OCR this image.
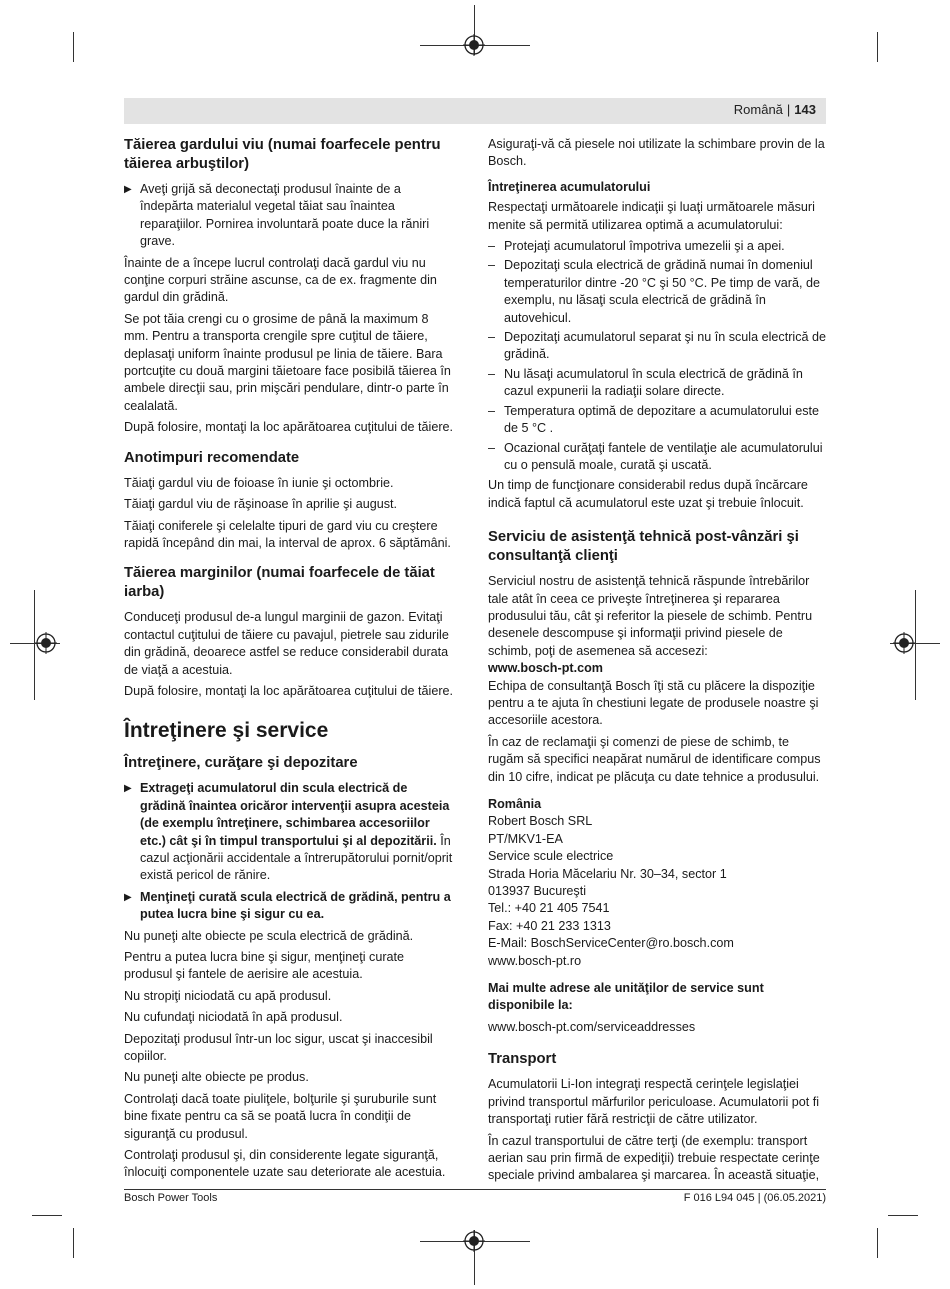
Română | 143
Tăierea gardului viu (numai foarfecele pentru tăierea arbuştilor)
▶ Aveţi grijă să deconectaţi produsul înainte de a îndepărta materialul vegetal tăiat sau înaintea reparaţiilor. Pornirea involuntară poate duce la răniri grave.

Înainte de a începe lucrul controlaţi dacă gardul viu nu conţine corpuri străine ascunse, ca de ex. fragmente din gardul din grădină.

Se pot tăia crengi cu o grosime de până la maximum 8 mm. Pentru a transporta crengile spre cuţitul de tăiere, deplasaţi uniform înainte produsul pe linia de tăiere. Bara portcuţite cu două margini tăietoare face posibilă tăierea în ambele direcţii sau, prin mişcări pendulare, dintr-o parte în cealalată.

După folosire, montaţi la loc apărătoarea cuţitului de tăiere.

Anotimpuri recomendate

Tăiaţi gardul viu de foioase în iunie şi octombrie.

Tăiaţi gardul viu de răşinoase în aprilie şi august.

Tăiaţi coniferele şi celelalte tipuri de gard viu cu creştere rapidă începând din mai, la interval de aprox. 6 săptămâni.

Tăierea marginilor (numai foarfecele de tăiat iarba)

Conduceţi produsul de-a lungul marginii de gazon. Evitaţi contactul cuţitului de tăiere cu pavajul, pietrele sau zidurile din grădină, deoarece astfel se reduce considerabil durata de viaţă a acestuia.

După folosire, montaţi la loc apărătoarea cuţitului de tăiere.

Întreţinere şi service
Întreţinere, curăţare şi depozitare
▶ Extrageţi acumulatorul din scula electrică de grădină înaintea oricăror intervenţii asupra acesteia (de exemplu întreţinere, schimbarea accesoriilor etc.) cât şi în timpul transportului şi al depozitării. În cazul acţionării accidentale a întrerupătorului pornit/oprit există pericol de rănire.
▶ Menţineţi curată scula electrică de grădină, pentru a putea lucra bine şi sigur cu ea.

Nu puneţi alte obiecte pe scula electrică de grădină.

Pentru a putea lucra bine şi sigur, menţineţi curate produsul şi fantele de aerisire ale acestuia.

Nu stropiţi niciodată cu apă produsul.

Nu cufundaţi niciodată în apă produsul.

Depozitaţi produsul într-un loc sigur, uscat şi inaccesibil copiilor.

Nu puneţi alte obiecte pe produs.

Controlaţi dacă toate piuliţele, bolţurile şi şuruburile sunt bine fixate pentru ca să se poată lucra în condiţii de siguranţă cu produsul.

Controlaţi produsul şi, din considerente legate siguranţă, înlocuiţi componentele uzate sau deteriorate ale acestuia.

Asiguraţi-vă că piesele noi utilizate la schimbare provin de la Bosch.

Întreţinerea acumulatorului

Respectaţi următoarele indicaţii şi luaţi următoarele măsuri menite să permită utilizarea optimă a acumulatorului:

– Protejaţi acumulatorul împotriva umezelii şi a apei.
– Depozitaţi scula electrică de grădină numai în domeniul temperaturilor dintre -20 °C şi 50 °C. Pe timp de vară, de exemplu, nu lăsaţi scula electrică de grădină în autovehicul.
– Depozitaţi acumulatorul separat şi nu în scula electrică de grădină.
– Nu lăsaţi acumulatorul în scula electrică de grădină în cazul expunerii la radiaţii solare directe.
– Temperatura optimă de depozitare a acumulatorului este de 5 °C .
– Ocazional curăţaţi fantele de ventilaţie ale acumulatorului cu o pensulă moale, curată şi uscată.

Un timp de funcţionare considerabil redus după încărcare indică faptul că acumulatorul este uzat şi trebuie înlocuit.

Serviciu de asistenţă tehnică post-vânzări şi consultanţă clienţi

Serviciul nostru de asistenţă tehnică răspunde întrebărilor tale atât în ceea ce priveşte întreţinerea şi repararea produsului tău, cât şi referitor la piesele de schimb. Pentru desenele descompuse şi informaţii privind piesele de schimb, poţi de asemenea să accesezi:

www.bosch-pt.com

Echipa de consultanţă Bosch îţi stă cu plăcere la dispoziţie pentru a te ajuta în chestiuni legate de produsele noastre şi accesoriile acestora.

În caz de reclamaţii şi comenzi de piese de schimb, te rugăm să specifici neapărat numărul de identificare compus din 10 cifre, indicat pe plăcuţa cu date tehnice a produsului.

România

Robert Bosch SRL

PT/MKV1-EA

Service scule electrice

Strada Horia Măcelariu Nr. 30–34, sector 1

013937 Bucureşti

Tel.: +40 21 405 7541

Fax: +40 21 233 1313

E-Mail: BoschServiceCenter@ro.bosch.com

www.bosch-pt.ro

Mai multe adrese ale unităţilor de service sunt disponibile la:

www.bosch-pt.com/serviceaddresses

Transport

Acumulatorii Li-Ion integraţi respectă cerinţele legislaţiei privind transportul mărfurilor periculoase. Acumulatorii pot fi transportaţi rutier fără restricţii de către utilizator.

În cazul transportului de către terţi (de exemplu: transport aerian sau prin firmă de expediţii) trebuie respectate cerinţe speciale privind ambalarea şi marcarea. În această situaţie,

Bosch Power Tools	F 016 L94 045 | (06.05.2021)
